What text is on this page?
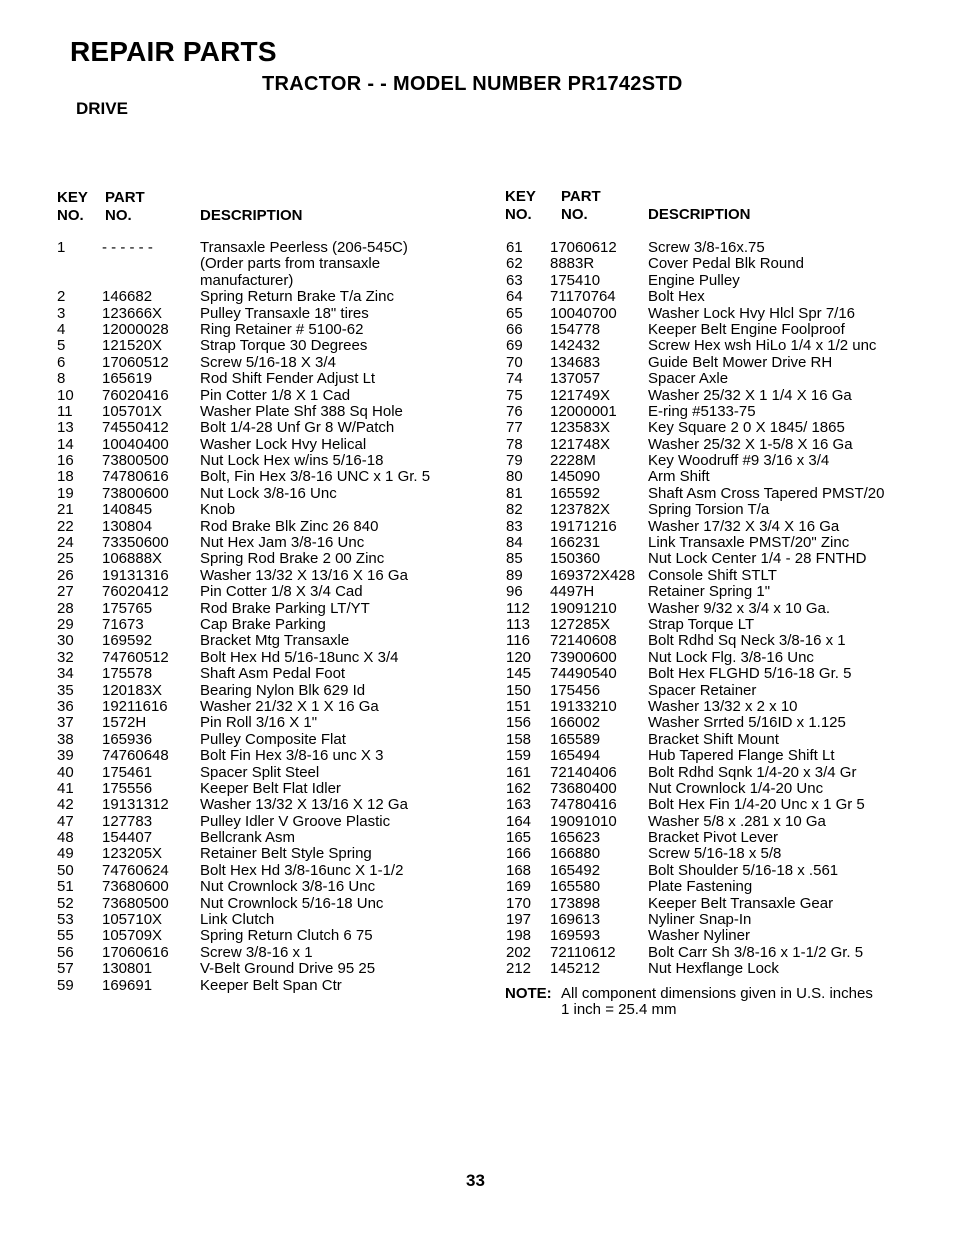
REPAIR PARTS
TRACTOR - - MODEL NUMBER PR1742STD
DRIVE
KEY
NO.
PART
NO.	DESCRIPTION
KEY
NO.
PART
NO.	DESCRIPTION
1 - - - - - -	Transaxle Peerless (206-545C)
(Order parts from transaxle
manufacturer)
2 146682	Spring Return Brake T/a Zinc
3 123666X	Pulley Transaxle 18" tires
4 12000028 Ring Retainer # 5100-62
5 121520X	Strap Torque 30 Degrees
6 17060512 Screw 5/16-18 X 3/4
8 165619	Rod Shift Fender Adjust Lt
10 76020416 Pin Cotter 1/8 X 1 Cad
11 105701X	Washer Plate Shf 388 Sq Hole
13 74550412 Bolt 1/4-28 Unf Gr 8 W/Patch
14 10040400 Washer Lock Hvy Helical
16 73800500 Nut Lock Hex w/ins 5/16-18
18 74780616 Bolt, Fin Hex 3/8-16 UNC x 1 Gr. 5
19 73800600 Nut Lock 3/8-16 Unc
21 140845	Knob
22 130804	Rod Brake Blk Zinc 26 840
24 73350600 Nut Hex Jam 3/8-16 Unc
25 106888X	Spring Rod Brake 2 00 Zinc
26 19131316 Washer 13/32 X 13/16 X 16 Ga
27 76020412 Pin Cotter 1/8 X 3/4 Cad
28 175765	Rod Brake Parking LT/YT
29 71673	Cap Brake Parking
30 169592	Bracket Mtg Transaxle
32 74760512 Bolt Hex Hd 5/16-18unc X 3/4
34 175578	Shaft Asm Pedal Foot
35 120183X	Bearing Nylon Blk 629 Id
36 19211616 Washer 21/32 X 1 X 16 Ga
37 1572H	Pin Roll 3/16 X 1"
38 165936	Pulley Composite Flat
39 74760648 Bolt Fin Hex 3/8-16 unc X 3
40 175461	Spacer Split Steel
41 175556	Keeper Belt Flat Idler
42 19131312 Washer 13/32 X 13/16 X 12 Ga
47 127783	Pulley Idler V Groove Plastic
48 154407	Bellcrank Asm
49 123205X	Retainer Belt Style Spring
50 74760624 Bolt Hex Hd 3/8-16unc X 1-1/2
51 73680600 Nut Crownlock 3/8-16 Unc
52 73680500 Nut Crownlock 5/16-18 Unc
53 105710X	Link Clutch
55 105709X	Spring Return Clutch 6 75
56 17060616 Screw 3/8-16 x 1
57 130801	V-Belt Ground Drive 95 25
59 169691	Keeper Belt Span Ctr
61 17060612 Screw 3/8-16x.75
62 8883R	Cover Pedal Blk Round
63 175410	Engine Pulley
64 71170764 Bolt Hex
65 10040700 Washer Lock Hvy Hlcl Spr 7/16
66 154778	Keeper Belt Engine Foolproof
69 142432	Screw Hex wsh HiLo 1/4 x 1/2 unc
70 134683	Guide Belt Mower Drive RH
74 137057	Spacer Axle
75 121749X	Washer 25/32 X 1 1/4 X 16 Ga
76 12000001 E-ring #5133-75
77 123583X	Key Square 2 0 X 1845/ 1865
78 121748X	Washer 25/32 X 1-5/8 X 16 Ga
79 2228M	Key Woodruff #9 3/16 x 3/4
80 145090	Arm Shift
81 165592	Shaft Asm Cross Tapered PMST/20
82 123782X	Spring Torsion T/a
83 19171216 Washer 17/32 X 3/4 X 16 Ga
84 166231	Link Transaxle PMST/20" Zinc
85 150360	Nut Lock Center 1/4 - 28 FNTHD
89 169372X428 Console Shift STLT
96 4497H	Retainer Spring 1"
112 19091210 Washer 9/32 x 3/4 x 10 Ga.
113 127285X	Strap Torque LT
116 72140608 Bolt Rdhd Sq Neck 3/8-16 x 1
120 73900600 Nut Lock Flg. 3/8-16 Unc
145 74490540 Bolt Hex FLGHD 5/16-18 Gr. 5
150 175456	Spacer Retainer
151 19133210 Washer 13/32 x 2 x 10
156 166002	Washer Srrted 5/16ID x 1.125
158 165589	Bracket Shift Mount
159 165494	Hub Tapered Flange Shift Lt
161 72140406 Bolt Rdhd Sqnk 1/4-20 x 3/4 Gr
162 73680400 Nut Crownlock 1/4-20 Unc
163 74780416 Bolt Hex Fin 1/4-20 Unc x 1 Gr 5
164 19091010 Washer 5/8 x .281 x 10 Ga
165 165623	Bracket Pivot Lever
166 166880	Screw 5/16-18 x 5/8
168 165492	Bolt Shoulder 5/16-18 x .561
169 165580	Plate Fastening
170 173898	Keeper Belt Transaxle Gear
197 169613	Nyliner Snap-In
198 169593	Washer Nyliner
202 72110612 Bolt Carr Sh 3/8-16 x 1-1/2 Gr. 5
212 145212	Nut Hexflange Lock
NOTE: All component dimensions given in U.S. inches
1 inch = 25.4 mm
33
